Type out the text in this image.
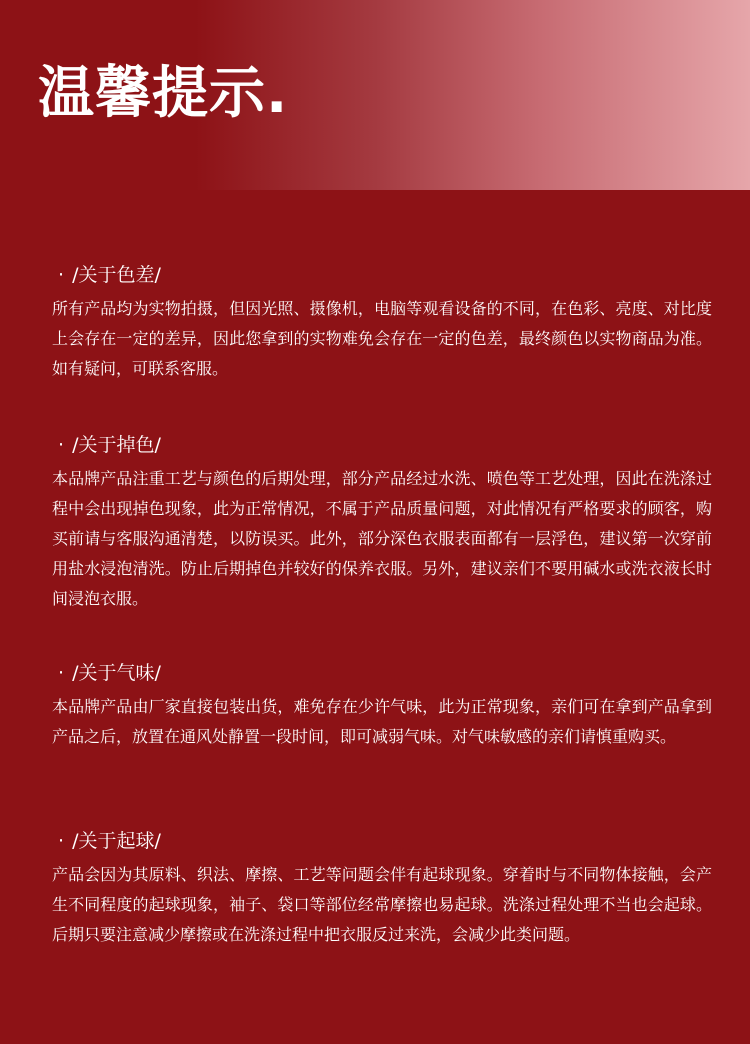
温馨提示.
· /关于色差/

所有产品均为实物拍摄，但因光照、摄像机，电脑等观看设备的不同，在色彩、亮度、对比度上会存在一定的差异，因此您拿到的实物难免会存在一定的色差，最终颜色以实物商品为准。如有疑问，可联系客服。

· /关于掉色/

本品牌产品注重工艺与颜色的后期处理，部分产品经过水洗、喷色等工艺处理，因此在洗涤过程中会出现掉色现象，此为正常情况，不属于产品质量问题，对此情况有严格要求的顾客，购买前请与客服沟通清楚，以防误买。此外，部分深色衣服表面都有一层浮色，建议第一次穿前用盐水浸泡清洗。防止后期掉色并较好的保养衣服。另外，建议亲们不要用碱水或洗衣液长时间浸泡衣服。

· /关于气味/

本品牌产品由厂家直接包装出货，难免存在少许气味，此为正常现象，亲们可在拿到产品拿到产品之后，放置在通风处静置一段时间，即可减弱气味。对气味敏感的亲们请慎重购买。

· /关于起球/

产品会因为其原料、织法、摩擦、工艺等问题会伴有起球现象。穿着时与不同物体接触，会产生不同程度的起球现象，袖子、袋口等部位经常摩擦也易起球。洗涤过程处理不当也会起球。后期只要注意减少摩擦或在洗涤过程中把衣服反过来洗，会减少此类问题。
